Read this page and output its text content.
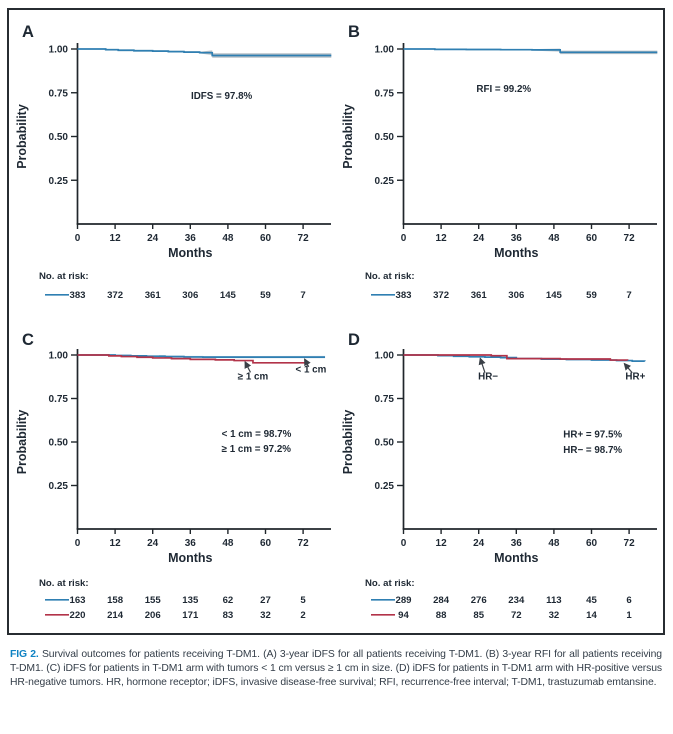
1.00
0.75
0.50
0.25
0	12	24	36	48	60	72
Months
Probability
A
IDFS = 97.8%
No. at risk:
383 372 361 306 145	59	7
1.00
0.75
0.50
0.25
0	12	24	36	48	60	72
Months
Probability
B
RFI = 99.2%
No. at risk:
383 372 361 306 145	59	7
1.00
0.75
0.50
0.25
0	12	24	36	48	60	72
Months
Probability
C
< 1 cm = 98.7%
≥ 1 cm = 97.2%
≥ 1 cm
< 1 cm
No. at risk:
163 158 155 135	62	27	5
220 214 206 171	83	32	2
1.00
0.75
0.50
0.25
0	12	24	36	48	60	72
Months
Probability
D
HR+ = 97.5%
HR− = 98.7%
HR−	HR+
No. at risk:
289 284 276 234 113	45	6
94	88	85	72	32	14	1

FIG 2. Survival outcomes for patients receiving T-DM1. (A) 3-year iDFS for all patients receiving T-DM1. (B) 3-year RFI for all patients receiving T-DM1. (C) iDFS for patients in T-DM1 arm with tumors < 1 cm versus ≥ 1 cm in size. (D) iDFS for patients in T-DM1 arm with HR-positive versus HR-negative tumors. HR, hormone receptor; iDFS, invasive disease-free survival; RFI, recurrence-free interval; T-DM1, trastuzumab emtansine.
